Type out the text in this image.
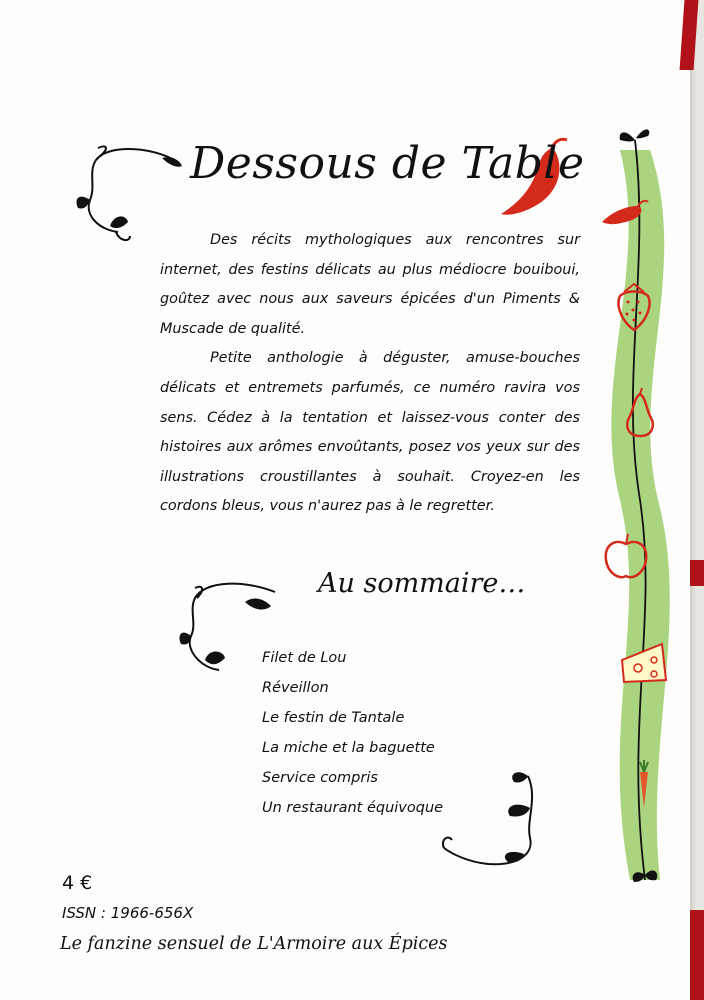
Dessous de Table

Des récits mythologiques aux rencontres sur internet, des festins délicats au plus médiocre bouiboui, goûtez avec nous aux saveurs épicées d'un Piments & Muscade de qualité.

Petite anthologie à déguster, amuse-bouches délicats et entremets parfumés, ce numéro ravira vos sens. Cédez à la tentation et laissez-vous conter des histoires aux arômes envoûtants, posez vos yeux sur des illustrations croustillantes à souhait. Croyez-en les cordons bleus, vous n'aurez pas à le regretter.

Au sommaire…
Filet de Lou
Réveillon
Le festin de Tantale
La miche et la baguette
Service compris
Un restaurant équivoque
4 €
ISSN : 1966-656X
Le fanzine sensuel de L'Armoire aux Épices
